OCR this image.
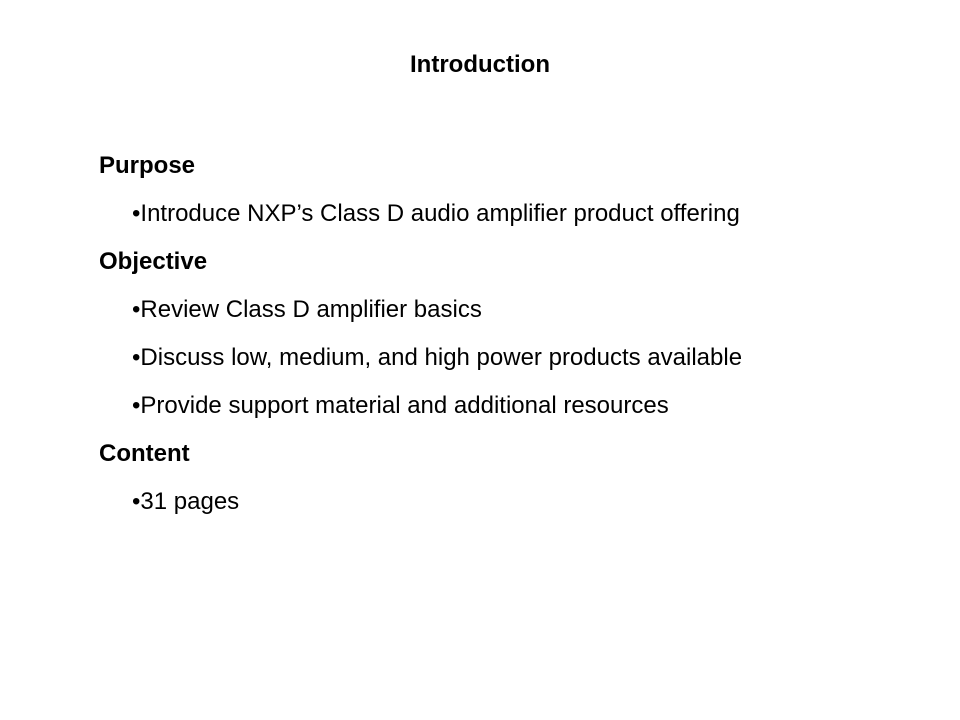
Introduction
Purpose
•Introduce NXP’s Class D audio amplifier product offering
Objective
•Review Class D amplifier basics
•Discuss low, medium, and high power products available
•Provide support material and additional resources
Content
•31 pages
